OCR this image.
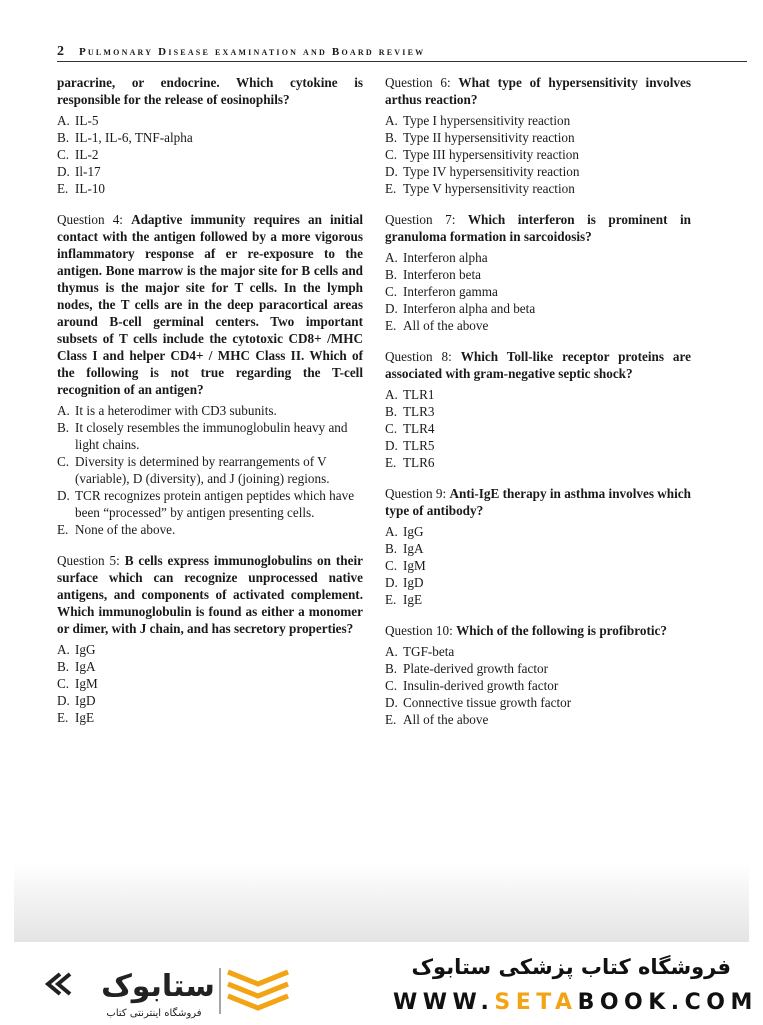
2 Pulmonary Disease examination and Board review

paracrine, or endocrine. Which cytokine is responsible for the release of eosinophils?

A. IL-5
B. IL-1, IL-6, TNF-alpha
C. IL-2
D. Il-17
E. IL-10

Question 4: Adaptive immunity requires an initial contact with the antigen followed by a more vigorous inflammatory response af er re-exposure to the antigen. Bone marrow is the major site for B cells and thymus is the major site for T cells. In the lymph nodes, the T cells are in the deep paracortical areas around B-cell germinal centers. Two important subsets of T cells include the cytotoxic CD8+ /MHC Class I and helper CD4+ / MHC Class II. Which of the following is not true regarding the T-cell recognition of an antigen?

A. It is a heterodimer with CD3 subunits.
B. It closely resembles the immunoglobulin heavy and light chains.
C. Diversity is determined by rearrangements of V (variable), D (diversity), and J (joining) regions.
D. TCR recognizes protein antigen peptides which have been “processed” by antigen presenting cells.
E. None of the above.

Question 5: B cells express immunoglobulins on their surface which can recognize unprocessed native antigens, and components of activated complement. Which immunoglobulin is found as either a monomer or dimer, with J chain, and has secretory properties?

A. IgG
B. IgA
C. IgM
D. IgD
E. IgE

Question 6: What type of hypersensitivity involves arthus reaction?

A. Type I hypersensitivity reaction
B. Type II hypersensitivity reaction
C. Type III hypersensitivity reaction
D. Type IV hypersensitivity reaction
E. Type V hypersensitivity reaction

Question 7: Which interferon is prominent in granuloma formation in sarcoidosis?

A. Interferon alpha
B. Interferon beta
C. Interferon gamma
D. Interferon alpha and beta
E. All of the above

Question 8: Which Toll-like receptor proteins are associated with gram-negative septic shock?

A. TLR1
B. TLR3
C. TLR4
D. TLR5
E. TLR6

Question 9: Anti-IgE therapy in asthma involves which type of antibody?

A. IgG
B. IgA
C. IgM
D. IgD
E. IgE

Question 10: Which of the following is profibrotic?

A. TGF-beta
B. Plate-derived growth factor
C. Insulin-derived growth factor
D. Connective tissue growth factor
E. All of the above
ستابوک
فروشگاه اینترنتی کتاب
فروشگاه کتاب پزشکی ستابوک
WWW.SETABOOK.COM
